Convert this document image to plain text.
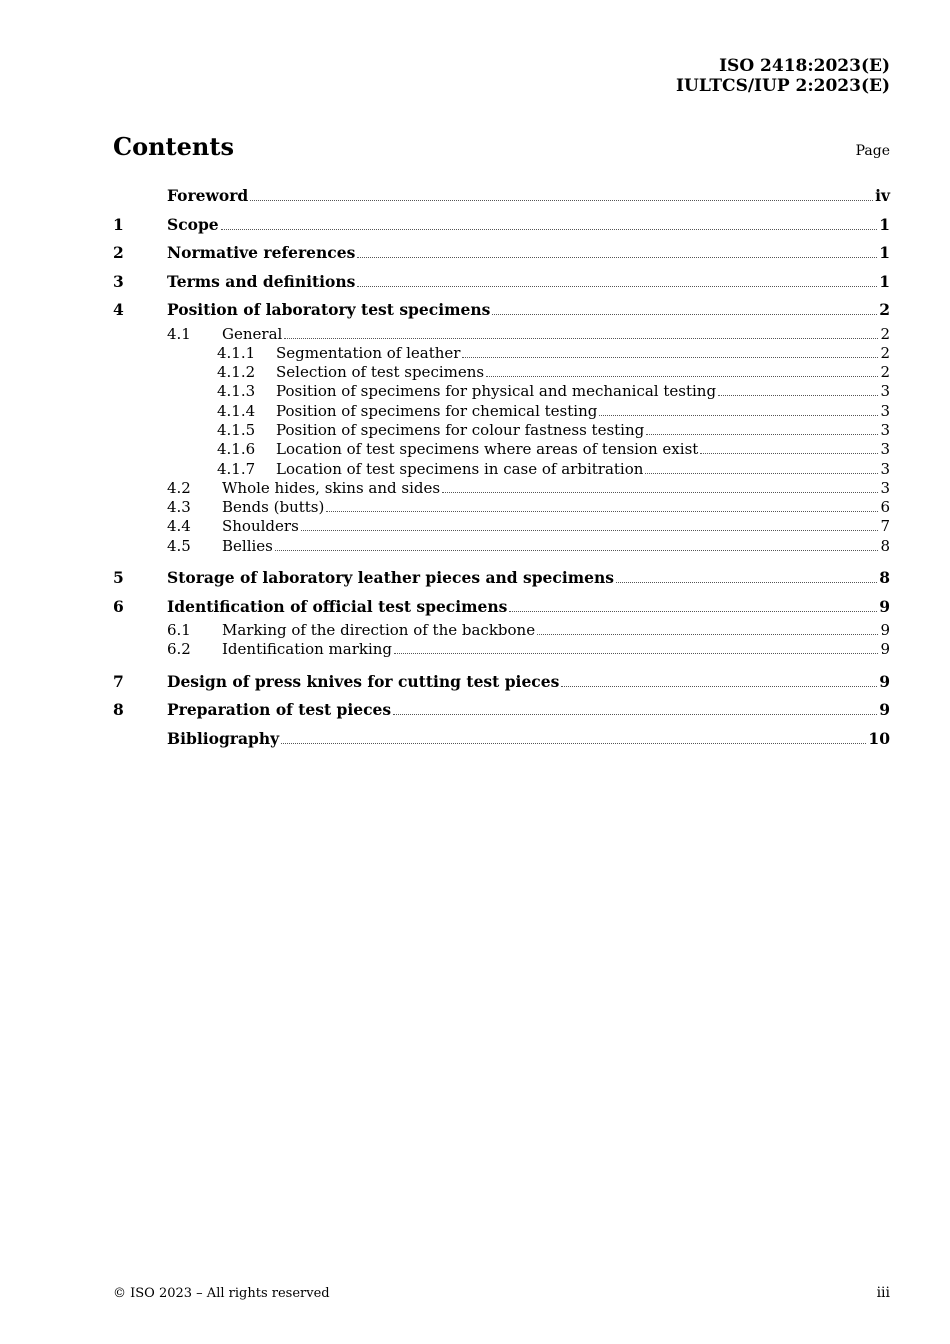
ISO 2418:2023(E)
IULTCS/IUP 2:2023(E)
Contents	Page
Foreword	iv
1	Scope	1
2	Normative references	1
3	Terms and definitions	1
4	Position of laboratory test specimens	2
4.1	General	2
4.1.1	Segmentation of leather	2
4.1.2	Selection of test specimens	2
4.1.3	Position of specimens for physical and mechanical testing	3
4.1.4	Position of specimens for chemical testing	3
4.1.5	Position of specimens for colour fastness testing	3
4.1.6	Location of test specimens where areas of tension exist	3
4.1.7	Location of test specimens in case of arbitration	3
4.2	Whole hides, skins and sides	3
4.3	Bends (butts)	6
4.4	Shoulders	7
4.5	Bellies	8
5	Storage of laboratory leather pieces and specimens	8
6	Identification of official test specimens	9
6.1	Marking of the direction of the backbone	9
6.2	Identification marking	9
7	Design of press knives for cutting test pieces	9
8	Preparation of test pieces	9
Bibliography	10
© ISO 2023 – All rights reserved	iii
